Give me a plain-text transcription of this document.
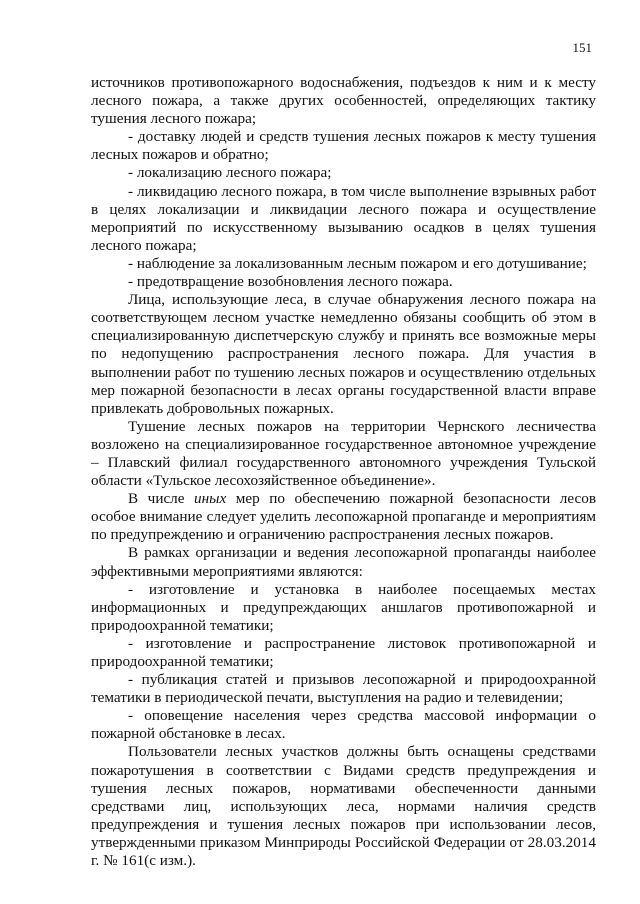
151

источников противопожарного водоснабжения, подъездов к ним и к месту лесного пожара, а также других особенностей, определяющих тактику тушения лесного пожара;

- доставку людей и средств тушения лесных пожаров к месту тушения лесных пожаров и обратно;

- локализацию лесного пожара;

- ликвидацию лесного пожара, в том числе выполнение взрывных работ в целях локализации и ликвидации лесного пожара и осуществление мероприятий по искусственному вызыванию осадков в целях тушения лесного пожара;

- наблюдение за локализованным лесным пожаром и его дотушивание;

- предотвращение возобновления лесного пожара.

Лица, использующие леса, в случае обнаружения лесного пожара на соответствующем лесном участке немедленно обязаны сообщить об этом в специализированную диспетчерскую службу и принять все возможные меры по недопущению распространения лесного пожара. Для участия в выполнении работ по тушению лесных пожаров и осуществлению отдельных мер пожарной безопасности в лесах органы государственной власти вправе привлекать добровольных пожарных.

Тушение лесных пожаров на территории Чернского лесничества возложено на специализированное государственное автономное учреждение – Плавский филиал государственного автономного учреждения Тульской области «Тульское лесохозяйственное объединение».

В числе иных мер по обеспечению пожарной безопасности лесов особое внимание следует уделить лесопожарной пропаганде и мероприятиям по предупреждению и ограничению распространения лесных пожаров.

В рамках организации и ведения лесопожарной пропаганды наиболее эффективными мероприятиями являются:

- изготовление и установка в наиболее посещаемых местах информационных и предупреждающих аншлагов противопожарной и природоохранной тематики;

- изготовление и распространение листовок противопожарной и природоохранной тематики;

- публикация статей и призывов лесопожарной и природоохранной тематики в периодической печати, выступления на радио и телевидении;

- оповещение населения через средства массовой информации о пожарной обстановке в лесах.

Пользователи лесных участков должны быть оснащены средствами пожаротушения в соответствии с Видами средств предупреждения и тушения лесных пожаров, нормативами обеспеченности данными средствами лиц, использующих леса, нормами наличия средств предупреждения и тушения лесных пожаров при использовании лесов, утвержденными приказом Минприроды Российской Федерации от 28.03.2014 г. № 161(с изм.).
